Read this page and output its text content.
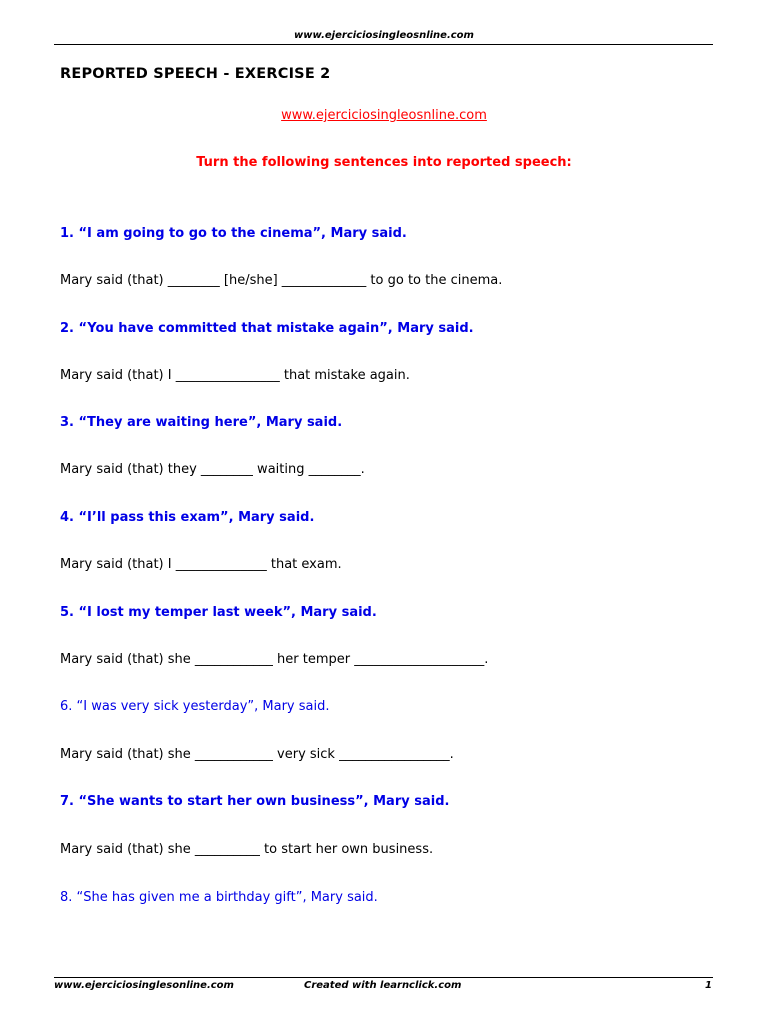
www.ejerciciosingleosnline.com
REPORTED SPEECH - EXERCISE 2
www.ejerciciosingleosnline.com
Turn the following sentences into reported speech:
1. “I am going to go to the cinema”, Mary said.
Mary said (that) ________ [he/she] _____________ to go to the cinema.
2. “You have committed that mistake again”, Mary said.
Mary said (that) I ________________ that mistake again.
3. “They are waiting here”, Mary said.
Mary said (that) they ________ waiting ________.
4. “I’ll pass this exam”, Mary said.
Mary said (that) I ______________ that exam.
5. “I lost my temper last week”, Mary said.
Mary said (that) she ____________ her temper ____________________.
6. “I was very sick yesterday”, Mary said.
Mary said (that) she ____________ very sick _________________.
7. “She wants to start her own business”, Mary said.
Mary said (that) she __________ to start her own business.
8. “She has given me a birthday gift”, Mary said.
www.ejerciciosinglesonline.com	Created with learnclick.com	1
